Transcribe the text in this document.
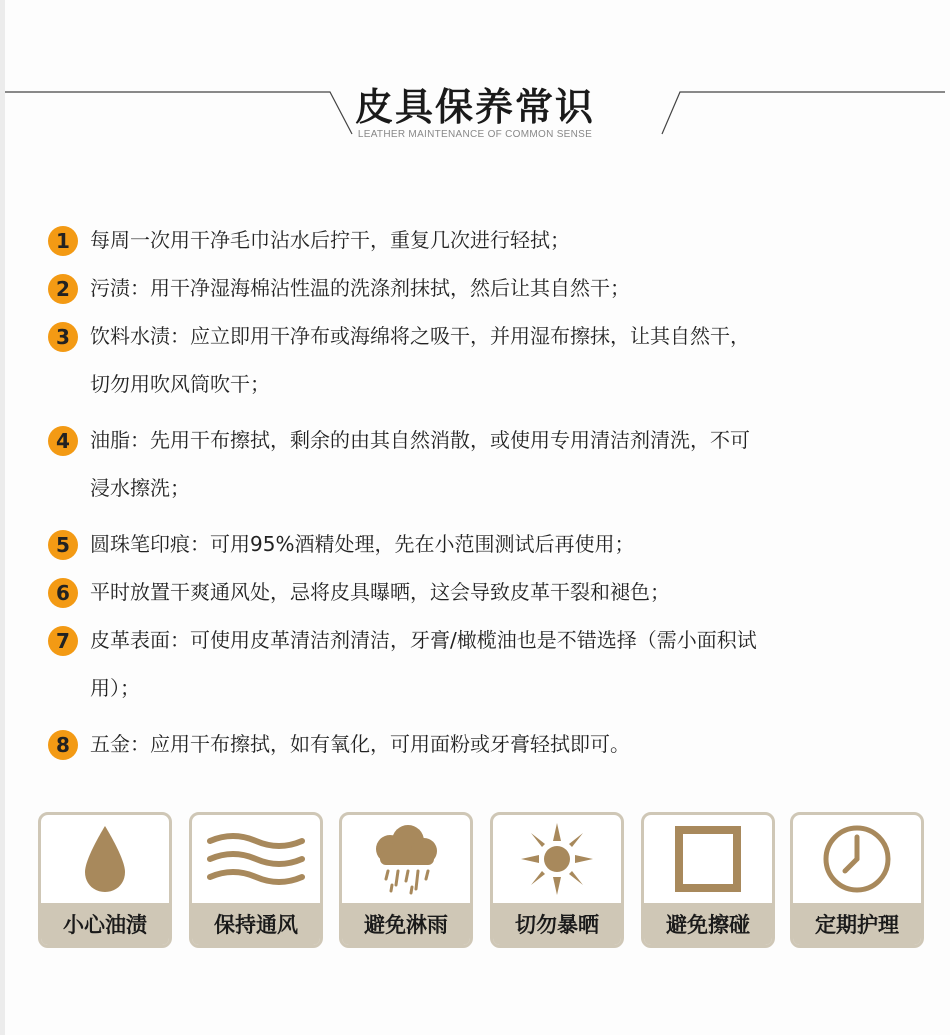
皮具保养常识
LEATHER MAINTENANCE OF COMMON SENSE
1	每周一次用干净毛巾沾水后拧干，重复几次进行轻拭；
2	污渍：用干净湿海棉沾性温的洗涤剂抹拭，然后让其自然干；
3	饮料水渍：应立即用干净布或海绵将之吸干，并用湿布擦抹，让其自然干，切勿用吹风筒吹干；
4	油脂：先用干布擦拭，剩余的由其自然消散，或使用专用清洁剂清洗，不可浸水擦洗；
5	圆珠笔印痕：可用95%酒精处理，先在小范围测试后再使用；
6	平时放置干爽通风处，忌将皮具曝晒，这会导致皮革干裂和褪色；
7	皮革表面：可使用皮革清洁剂清洁，牙膏/橄榄油也是不错选择（需小面积试用）；
8	五金：应用干布擦拭，如有氧化，可用面粉或牙膏轻拭即可。
小心油渍	保持通风	避免淋雨	切勿暴晒	避免擦碰	定期护理
